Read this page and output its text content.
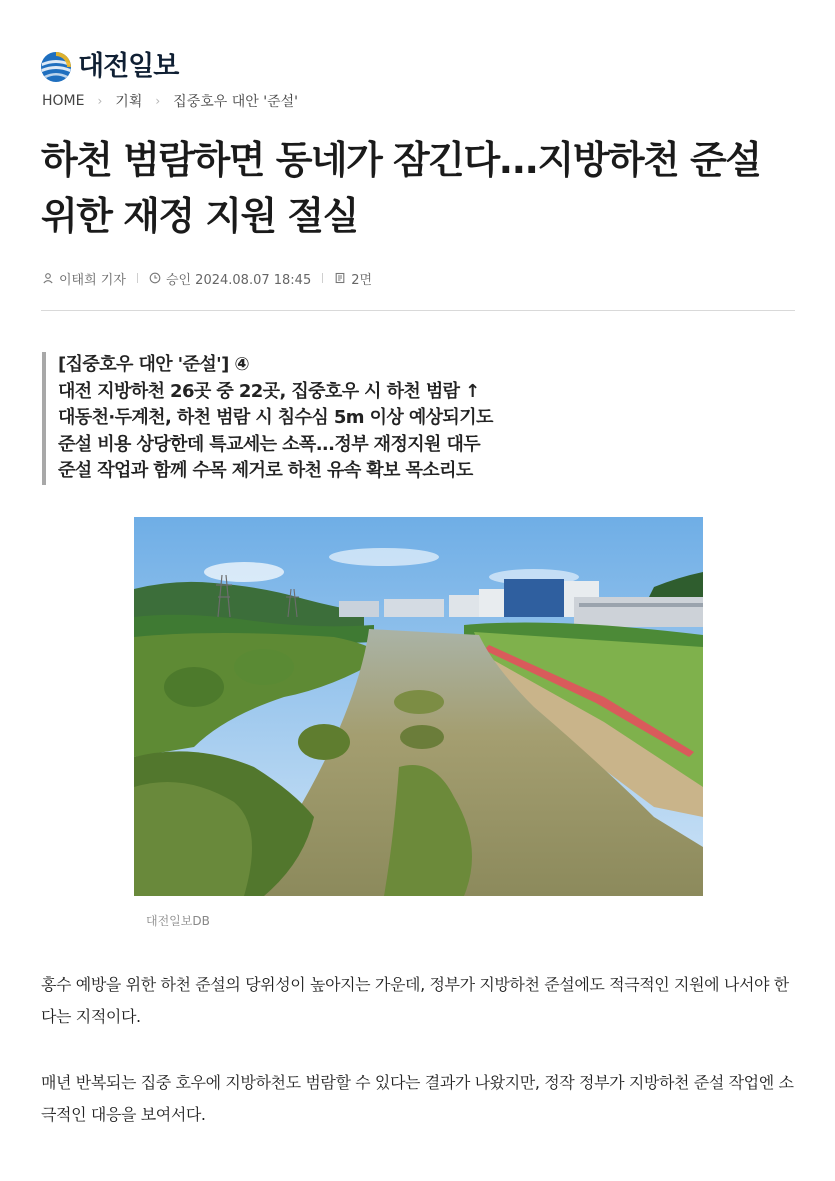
대전일보
HOME › 기획 › 집중호우 대안 '준설'
하천 범람하면 동네가 잠긴다...지방하천 준설 위한 재정 지원 절실
이태희 기자	승인 2024.08.07 18:45	2면
[집중호우 대안 '준설'] ④
대전 지방하천 26곳 중 22곳, 집중호우 시 하천 범람 ↑
대동천·두계천, 하천 범람 시 침수심 5m 이상 예상되기도
준설 비용 상당한데 특교세는 소폭...정부 재정지원 대두
준설 작업과 함께 수목 제거로 하천 유속 확보 목소리도
대전일보DB

홍수 예방을 위한 하천 준설의 당위성이 높아지는 가운데, 정부가 지방하천 준설에도 적극적인 지원에 나서야 한다는 지적이다.

매년 반복되는 집중 호우에 지방하천도 범람할 수 있다는 결과가 나왔지만, 정작 정부가 지방하천 준설 작업엔 소극적인 대응을 보여서다.
